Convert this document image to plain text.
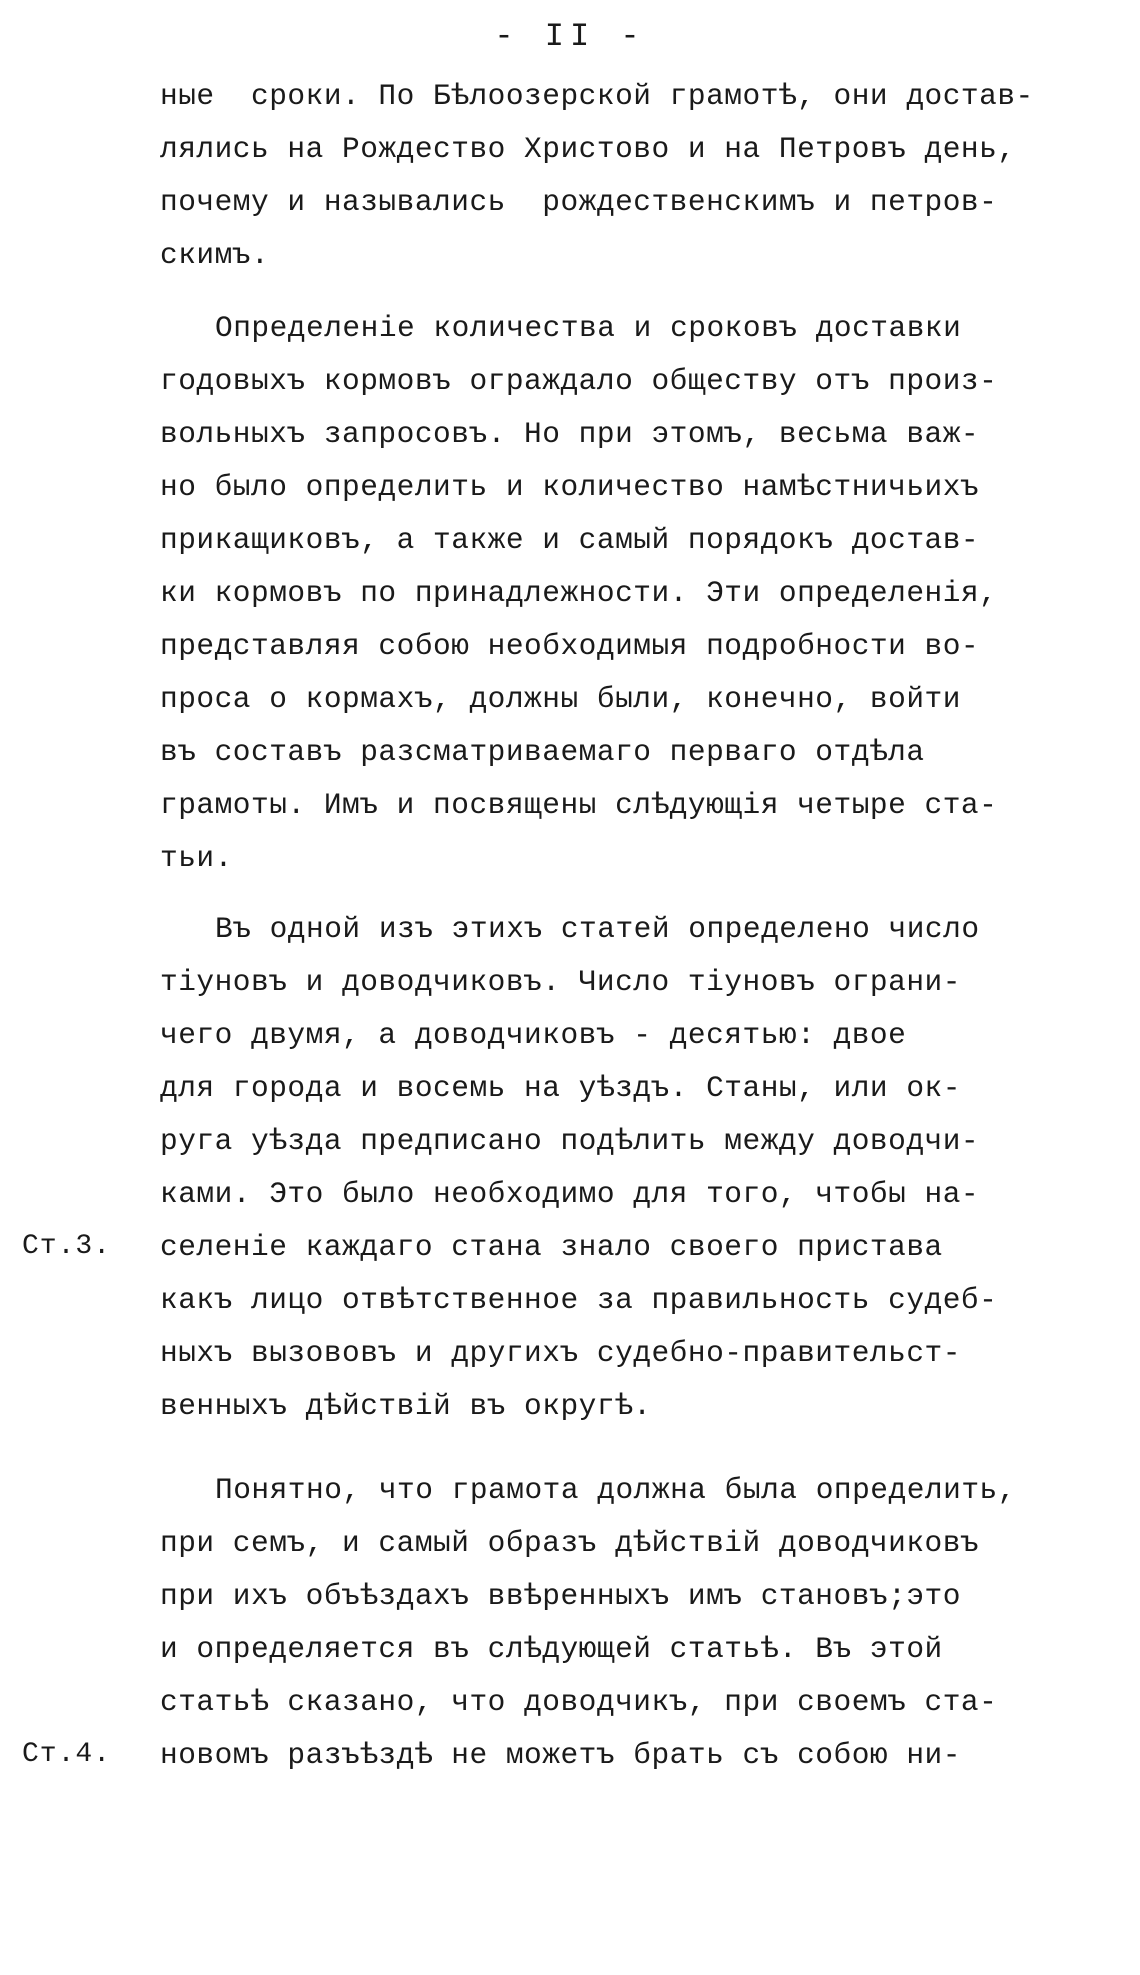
- II -
ные  сроки. По Бѣлоозерской грамотѣ, они достав-
лялись на Рождество Христово и на Петровъ день,
почему и назывались  рождественскимъ и петров-
скимъ.
Определеніе количества и сроковъ доставки
годовыхъ кормовъ ограждало обществу отъ произ-
вольныхъ запросовъ. Но при этомъ, весьма важ-
но было определить и количество намѣстничьихъ
прикащиковъ, а также и самый порядокъ достав-
ки кормовъ по принадлежности. Эти определенія,
представляя собою необходимыя подробности во-
проса о кормахъ, должны были, конечно, войти
въ составъ разсматриваемаго перваго отдѣла
грамоты. Имъ и посвящены слѣдующія четыре ста-
тьи.
Въ одной изъ этихъ статей определено число
тіуновъ и доводчиковъ. Число тіуновъ ограни-
чего двумя, а доводчиковъ - десятью: двое
для города и восемь на уѣздъ. Станы, или ок-
руга уѣзда предписано подѣлить между доводчи-
ками. Это было необходимо для того, чтобы на-
Ст.3. селеніе каждаго стана зналo своего пристава
какъ лицо отвѣтственное за правильность судеб-
ныхъ вызововъ и другихъ судебно-правительст-
венныхъ дѣйствій въ округѣ.
Понятно, что грамота должна была определить,
при семъ, и самый образъ дѣйствій доводчиковъ
при ихъ объѣздахъ ввѣренныхъ имъ становъ;это
и определяется въ слѣдующей статьѣ. Въ этой
статьѣ сказано, что доводчикъ, при своемъ ста-
Ст.4. новомъ разъѣздѣ не можетъ брать съ собою ни-
